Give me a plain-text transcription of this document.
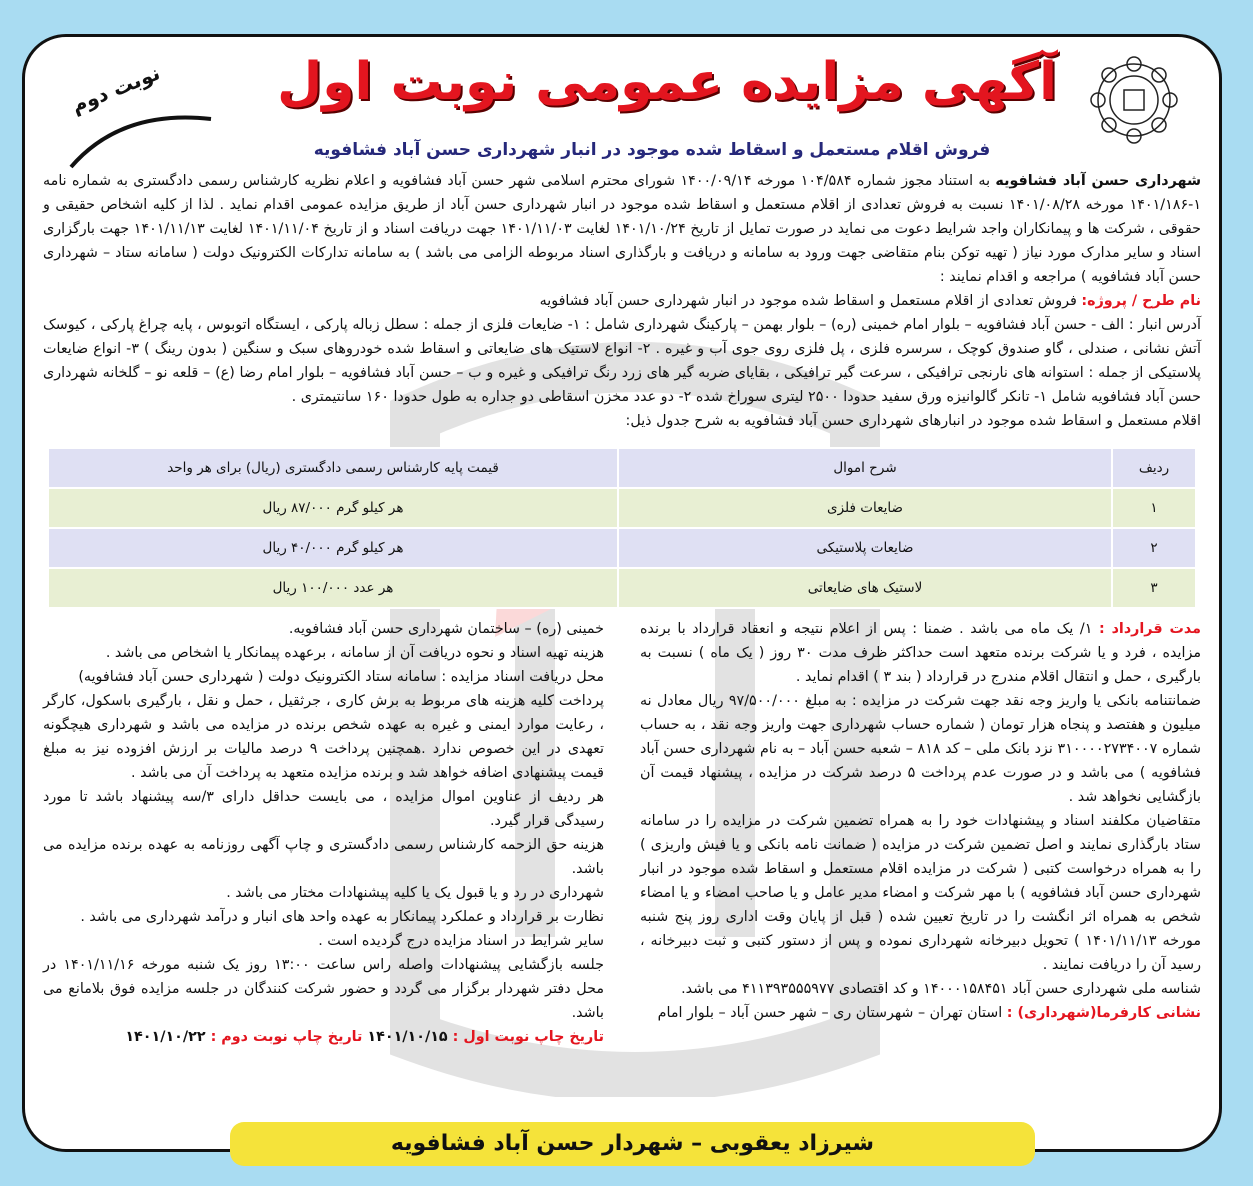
آگهی مزایده عمومی نوبت اول
نوبت دوم
فروش اقلام مستعمل و اسقاط شده موجود در انبار شهرداری حسن آباد فشافویه
شهرداری حسن آباد فشافویه به استناد مجوز شماره ۱۰۴/۵۸۴ مورخه ۱۴۰۰/۰۹/۱۴ شورای محترم اسلامی شهر حسن آباد فشافویه و اعلام نظریه کارشناس رسمی دادگستری به شماره نامه ۱-۱۴۰۱/۱۸۶ مورخه ۱۴۰۱/۰۸/۲۸ نسبت به فروش تعدادی از اقلام مستعمل و اسقاط شده موجود در انبار شهرداری حسن آباد از طریق مزایده عمومی اقدام نماید . لذا از کلیه اشخاص حقیقی و حقوقی ، شرکت ها و پیمانکاران واجد شرایط دعوت می نماید در صورت تمایل از تاریخ ۱۴۰۱/۱۰/۲۴ لغایت ۱۴۰۱/۱۱/۰۳ جهت دریافت اسناد و از تاریخ ۱۴۰۱/۱۱/۰۴ لغایت ۱۴۰۱/۱۱/۱۳ جهت بارگزاری اسناد و سایر مدارک مورد نیاز ( تهیه توکن بنام متقاضی جهت ورود به سامانه و دریافت و بارگذاری اسناد مربوطه الزامی می باشد ) به سامانه تدارکات الکترونیک دولت ( سامانه ستاد – شهرداری حسن آباد فشافویه ) مراجعه و اقدام نمایند :
نام طرح / پروژه: فروش تعدادی از اقلام مستعمل و اسقاط شده موجود در انبار شهرداری حسن آباد فشافویه
آدرس انبار : الف - حسن آباد فشافویه – بلوار امام خمینی (ره) – بلوار بهمن – پارکینگ شهرداری شامل : ۱- ضایعات فلزی از جمله : سطل زباله پارکی ، ایستگاه اتوبوس ، پایه چراغ پارکی ، کیوسک آتش نشانی ، صندلی ، گاو صندوق کوچک ، سرسره فلزی ، پل فلزی روی جوی آب و غیره . ۲- انواع لاستیک های ضایعاتی و اسقاط شده خودروهای سبک و سنگین ( بدون رینگ ) ۳- انواع ضایعات پلاستیکی از جمله : استوانه های نارنجی ترافیکی ، سرعت گیر ترافیکی ، بقایای ضربه گیر های زرد رنگ ترافیکی و غیره و ب – حسن آباد فشافویه – بلوار امام رضا (ع) – قلعه نو – گلخانه شهرداری حسن آباد فشافویه شامل ۱- تانکر گالوانیزه ورق سفید حدودا ۲۵۰۰ لیتری سوراخ شده ۲- دو عدد مخزن اسقاطی دو جداره به طول حدودا ۱۶۰ سانتیمتری .
اقلام مستعمل و اسقاط شده موجود در انبارهای شهرداری حسن آباد فشافویه به شرح جدول ذیل:
ردیف	شرح اموال	قیمت پایه کارشناس رسمی دادگستری (ریال) برای هر واحد
۱	ضایعات فلزی	هر کیلو گرم ۸۷/۰۰۰ ریال
۲	ضایعات پلاستیکی	هر کیلو گرم ۴۰/۰۰۰ ریال
۳	لاستیک های ضایعاتی	هر عدد ۱۰۰/۰۰۰ ریال

مدت قرارداد : ۱/ یک ماه می باشد . ضمنا : پس از اعلام نتیجه و انعقاد قرارداد با برنده مزایده ، فرد و یا شرکت برنده متعهد است حداکثر ظرف مدت ۳۰ روز ( یک ماه ) نسبت به بارگیری ، حمل و انتقال اقلام مندرج در قرارداد ( بند ۳ ) اقدام نماید .

ضمانتنامه بانکی یا واریز وجه نقد جهت شرکت در مزایده : به مبلغ ۹۷/۵۰۰/۰۰۰ ریال معادل نه میلیون و هفتصد و پنجاه هزار تومان ( شماره حساب شهرداری جهت واریز وجه نقد ، به حساب شماره ۳۱۰۰۰۰۲۷۳۴۰۰۷ نزد بانک ملی – کد ۸۱۸ – شعبه حسن آباد – به نام شهرداری حسن آباد فشافویه ) می باشد و در صورت عدم پرداخت ۵ درصد شرکت در مزایده ، پیشنهاد قیمت آن بازگشایی نخواهد شد .

متقاضیان مکلفند اسناد و پیشنهادات خود را به همراه تضمین شرکت در مزایده را در سامانه ستاد بارگذاری نمایند و اصل تضمین شرکت در مزایده ( ضمانت نامه بانکی و یا فیش واریزی ) را به همراه درخواست کتبی ( شرکت در مزایده اقلام مستعمل و اسقاط شده موجود در انبار شهرداری حسن آباد فشافویه ) با مهر شرکت و امضاء مدیر عامل و یا صاحب امضاء و یا امضاء شخص به همراه اثر انگشت را در تاریخ تعیین شده ( قبل از پایان وقت اداری روز پنج شنبه مورخه ۱۴۰۱/۱۱/۱۳ ) تحویل دبیرخانه شهرداری نموده و پس از دستور کتبی و ثبت دبیرخانه ، رسید آن را دریافت نمایند .

شناسه ملی شهرداری حسن آباد ۱۴۰۰۰۱۵۸۴۵۱ و کد اقتصادی ۴۱۱۳۹۳۵۵۵۹۷۷ می باشد.

نشانی کارفرما(شهرداری) : استان تهران – شهرستان ری – شهر حسن آباد – بلوار امام

خمینی (ره) – ساختمان شهرداری حسن آباد فشافویه.

هزینه تهیه اسناد و نحوه دریافت آن از سامانه ، برعهده پیمانکار یا اشخاص می باشد .

محل دریافت اسناد مزایده : سامانه ستاد الکترونیک دولت ( شهرداری حسن آباد فشافویه)

پرداخت کلیه هزینه های مربوط به برش کاری ، جرثقیل ، حمل و نقل ، بارگیری باسکول، کارگر ، رعایت موارد ایمنی و غیره به عهده شخص برنده در مزایده می باشد و شهرداری هیچگونه تعهدی در این خصوص ندارد .همچنین پرداخت ۹ درصد مالیات بر ارزش افزوده نیز به مبلغ قیمت پیشنهادی اضافه خواهد شد و برنده مزایده متعهد به پرداخت آن می باشد .

هر ردیف از عناوین اموال مزایده ، می بایست حداقل دارای ۳/سه پیشنهاد باشد تا مورد رسیدگی قرار گیرد.

هزینه حق الزحمه کارشناس رسمی دادگستری و چاپ آگهی روزنامه به عهده برنده مزایده می باشد.

شهرداری در رد و یا قبول یک یا کلیه پیشنهادات مختار می باشد .

نظارت بر قرارداد و عملکرد پیمانکار به عهده واحد های انبار و درآمد شهرداری می باشد .

سایر شرایط در اسناد مزایده درج گردیده است .

جلسه بازگشایی پیشنهادات واصله راس ساعت ۱۳:۰۰ روز یک شنبه مورخه ۱۴۰۱/۱۱/۱۶ در محل دفتر شهردار برگزار می گردد و حضور شرکت کنندگان در جلسه مزایده فوق بلامانع می باشد.

تاریخ چاپ نوبت اول : ۱۴۰۱/۱۰/۱۵ تاریخ چاپ نوبت دوم : ۱۴۰۱/۱۰/۲۲

شیرزاد یعقوبی – شهردار حسن آباد فشافویه
